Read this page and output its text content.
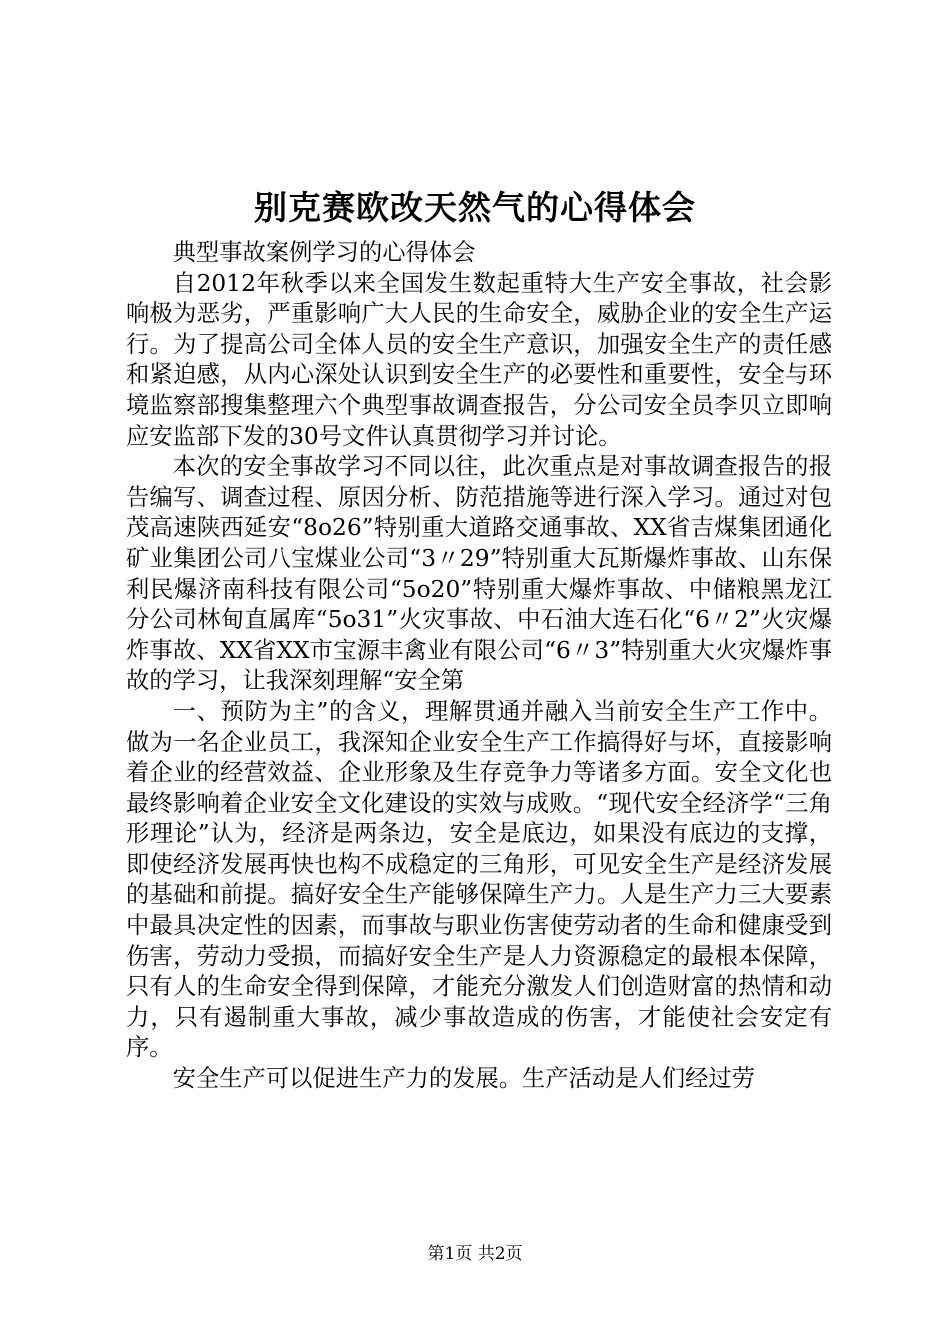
别克赛欧改天然气的心得体会

典型事故案例学习的心得体会

自2012年秋季以来全国发生数起重特大生产安全事故，社会影响极为恶劣，严重影响广大人民的生命安全，威胁企业的安全生产运行。为了提高公司全体人员的安全生产意识，加强安全生产的责任感和紧迫感，从内心深处认识到安全生产的必要性和重要性，安全与环境监察部搜集整理六个典型事故调查报告，分公司安全员李贝立即响应安监部下发的30号文件认真贯彻学习并讨论。

本次的安全事故学习不同以往，此次重点是对事故调查报告的报告编写、调查过程、原因分析、防范措施等进行深入学习。通过对包茂高速陕西延安“8o26”特别重大道路交通事故、XX省吉煤集团通化矿业集团公司八宝煤业公司“3〃29”特别重大瓦斯爆炸事故、山东保利民爆济南科技有限公司“5o20”特别重大爆炸事故、中储粮黑龙江分公司林甸直属库“5o31”火灾事故、中石油大连石化“6〃2”火灾爆炸事故、XX省XX市宝源丰禽业有限公司“6〃3”特别重大火灾爆炸事故的学习，让我深刻理解“安全第

一、预防为主”的含义，理解贯通并融入当前安全生产工作中。做为一名企业员工，我深知企业安全生产工作搞得好与坏，直接影响着企业的经营效益、企业形象及生存竞争力等诸多方面。安全文化也最终影响着企业安全文化建设的实效与成败。“现代安全经济学“三角形理论”认为，经济是两条边，安全是底边，如果没有底边的支撑，即使经济发展再快也构不成稳定的三角形，可见安全生产是经济发展的基础和前提。搞好安全生产能够保障生产力。人是生产力三大要素中最具决定性的因素，而事故与职业伤害使劳动者的生命和健康受到伤害，劳动力受损，而搞好安全生产是人力资源稳定的最根本保障，只有人的生命安全得到保障，才能充分激发人们创造财富的热情和动力，只有遏制重大事故，减少事故造成的伤害，才能使社会安定有序。

安全生产可以促进生产力的发展。生产活动是人们经过劳

第1页 共2页
